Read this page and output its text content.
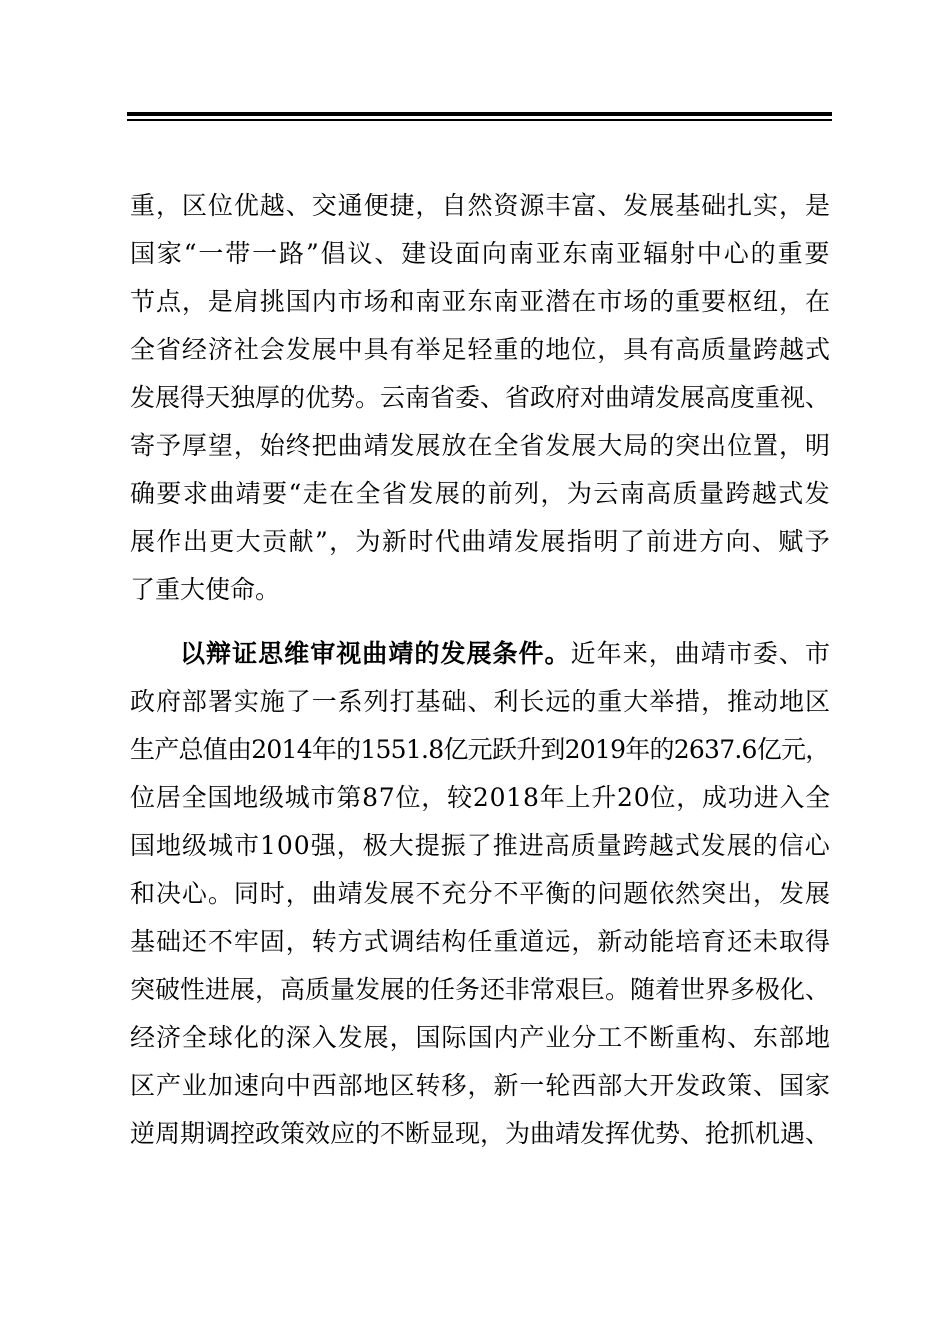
重，区位优越、交通便捷，自然资源丰富、发展基础扎实，是
国家“一带一路”倡议、建设面向南亚东南亚辐射中心的重要
节点，是肩挑国内市场和南亚东南亚潜在市场的重要枢纽，在
全省经济社会发展中具有举足轻重的地位，具有高质量跨越式
发展得天独厚的优势。云南省委、省政府对曲靖发展高度重视、
寄予厚望，始终把曲靖发展放在全省发展大局的突出位置，明
确要求曲靖要“走在全省发展的前列，为云南高质量跨越式发
展作出更大贡献”，为新时代曲靖发展指明了前进方向、赋予
了重大使命。
以辩证思维审视曲靖的发展条件。近年来，曲靖市委、市
政府部署实施了一系列打基础、利长远的重大举措，推动地区
生产总值由2014年的1551.8亿元跃升到2019年的2637.6亿元，
位居全国地级城市第87位，较2018年上升20位，成功进入全
国地级城市100强，极大提振了推进高质量跨越式发展的信心
和决心。同时，曲靖发展不充分不平衡的问题依然突出，发展
基础还不牢固，转方式调结构任重道远，新动能培育还未取得
突破性进展，高质量发展的任务还非常艰巨。随着世界多极化、
经济全球化的深入发展，国际国内产业分工不断重构、东部地
区产业加速向中西部地区转移，新一轮西部大开发政策、国家
逆周期调控政策效应的不断显现，为曲靖发挥优势、抢抓机遇、
